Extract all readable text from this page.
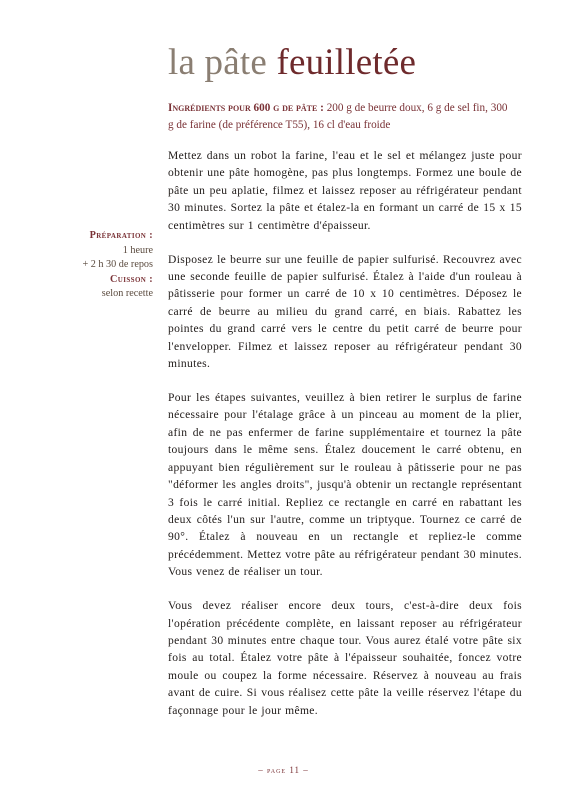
la pâte feuilletée
Ingrédients pour 600 g de pâte : 200 g de beurre doux, 6 g de sel fin, 300 g de farine (de préférence T55), 16 cl d'eau froide
Préparation :
1 heure
+ 2 h 30 de repos
Cuisson :
selon recette

Mettez dans un robot la farine, l'eau et le sel et mélangez juste pour obtenir une pâte homogène, pas plus longtemps. Formez une boule de pâte un peu aplatie, filmez et laissez reposer au réfrigérateur pendant 30 minutes. Sortez la pâte et étalez-la en formant un carré de 15 x 15 centimètres sur 1 centimètre d'épaisseur.

Disposez le beurre sur une feuille de papier sulfurisé. Recouvrez avec une seconde feuille de papier sulfurisé. Étalez à l'aide d'un rouleau à pâtisserie pour former un carré de 10 x 10 centimètres. Déposez le carré de beurre au milieu du grand carré, en biais. Rabattez les pointes du grand carré vers le centre du petit carré de beurre pour l'envelopper. Filmez et laissez reposer au réfrigérateur pendant 30 minutes.

Pour les étapes suivantes, veuillez à bien retirer le surplus de farine nécessaire pour l'étalage grâce à un pinceau au moment de la plier, afin de ne pas enfermer de farine supplémentaire et tournez la pâte toujours dans le même sens. Étalez doucement le carré obtenu, en appuyant bien régulièrement sur le rouleau à pâtisserie pour ne pas "déformer les angles droits", jusqu'à obtenir un rectangle représentant 3 fois le carré initial. Repliez ce rectangle en carré en rabattant les deux côtés l'un sur l'autre, comme un triptyque. Tournez ce carré de 90°. Étalez à nouveau en un rectangle et repliez-le comme précédemment. Mettez votre pâte au réfrigérateur pendant 30 minutes. Vous venez de réaliser un tour.

Vous devez réaliser encore deux tours, c'est-à-dire deux fois l'opération précédente complète, en laissant reposer au réfrigérateur pendant 30 minutes entre chaque tour. Vous aurez étalé votre pâte six fois au total. Étalez votre pâte à l'épaisseur souhaitée, foncez votre moule ou coupez la forme nécessaire. Réservez à nouveau au frais avant de cuire. Si vous réalisez cette pâte la veille réservez l'étape du façonnage pour le jour même.

– page 11 –
